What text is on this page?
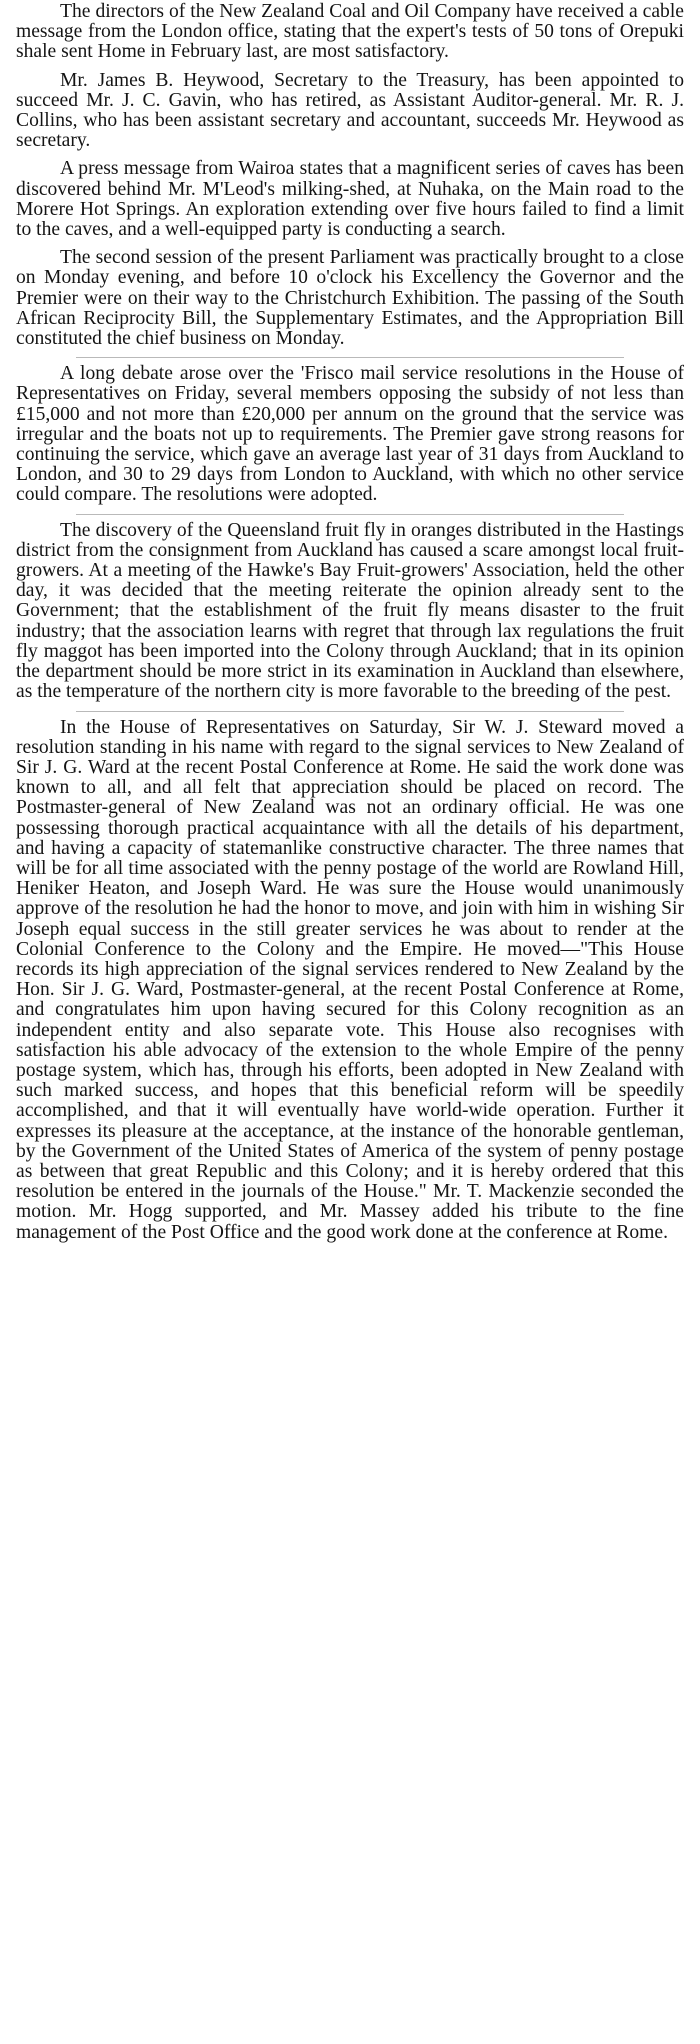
The directors of the New Zealand Coal and Oil Company have received a cable message from the London office, stating that the expert's tests of 50 tons of Orepuki shale sent Home in February last, are most satisfactory.

Mr. James B. Heywood, Secretary to the Treasury, has been appointed to succeed Mr. J. C. Gavin, who has retired, as Assistant Auditor-general. Mr. R. J. Collins, who has been assistant secretary and accountant, succeeds Mr. Heywood as secretary.

A press message from Wairoa states that a magnificent series of caves has been discovered behind Mr. M'Leod's milking-shed, at Nuhaka, on the Main road to the Morere Hot Springs. An exploration extending over five hours failed to find a limit to the caves, and a well-equipped party is conducting a search.

The second session of the present Parliament was practically brought to a close on Monday evening, and before 10 o'clock his Excellency the Governor and the Premier were on their way to the Christchurch Exhibition. The passing of the South African Reciprocity Bill, the Supplementary Estimates, and the Appropriation Bill constituted the chief business on Monday.

A long debate arose over the 'Frisco mail service resolutions in the House of Representatives on Friday, several members opposing the subsidy of not less than £15,000 and not more than £20,000 per annum on the ground that the service was irregular and the boats not up to requirements. The Premier gave strong reasons for continuing the service, which gave an average last year of 31 days from Auckland to London, and 30 to 29 days from London to Auckland, with which no other service could compare. The resolutions were adopted.

The discovery of the Queensland fruit fly in oranges distributed in the Hastings district from the consignment from Auckland has caused a scare amongst local fruit-growers. At a meeting of the Hawke's Bay Fruit-growers' Association, held the other day, it was decided that the meeting reiterate the opinion already sent to the Government; that the establishment of the fruit fly means disaster to the fruit industry; that the association learns with regret that through lax regulations the fruit fly maggot has been imported into the Colony through Auckland; that in its opinion the department should be more strict in its examination in Auckland than elsewhere, as the temperature of the northern city is more favorable to the breeding of the pest.

In the House of Representatives on Saturday, Sir W. J. Steward moved a resolution standing in his name with regard to the signal services to New Zealand of Sir J. G. Ward at the recent Postal Conference at Rome. He said the work done was known to all, and all felt that appreciation should be placed on record. The Postmaster-general of New Zealand was not an ordinary official. He was one possessing thorough practical acquaintance with all the details of his department, and having a capacity of statemanlike constructive character. The three names that will be for all time associated with the penny postage of the world are Rowland Hill, Heniker Heaton, and Joseph Ward. He was sure the House would unanimously approve of the resolution he had the honor to move, and join with him in wishing Sir Joseph equal success in the still greater services he was about to render at the Colonial Conference to the Colony and the Empire. He moved—"This House records its high appreciation of the signal services rendered to New Zealand by the Hon. Sir J. G. Ward, Postmaster-general, at the recent Postal Conference at Rome, and congratulates him upon having secured for this Colony recognition as an independent entity and also separate vote. This House also recognises with satisfaction his able advocacy of the extension to the whole Empire of the penny postage system, which has, through his efforts, been adopted in New Zealand with such marked success, and hopes that this beneficial reform will be speedily accomplished, and that it will eventually have world-wide operation. Further it expresses its pleasure at the acceptance, at the instance of the honorable gentleman, by the Government of the United States of America of the system of penny postage as between that great Republic and this Colony; and it is hereby ordered that this resolution be entered in the journals of the House." Mr. T. Mackenzie seconded the motion. Mr. Hogg supported, and Mr. Massey added his tribute to the fine management of the Post Office and the good work done at the conference at Rome.
